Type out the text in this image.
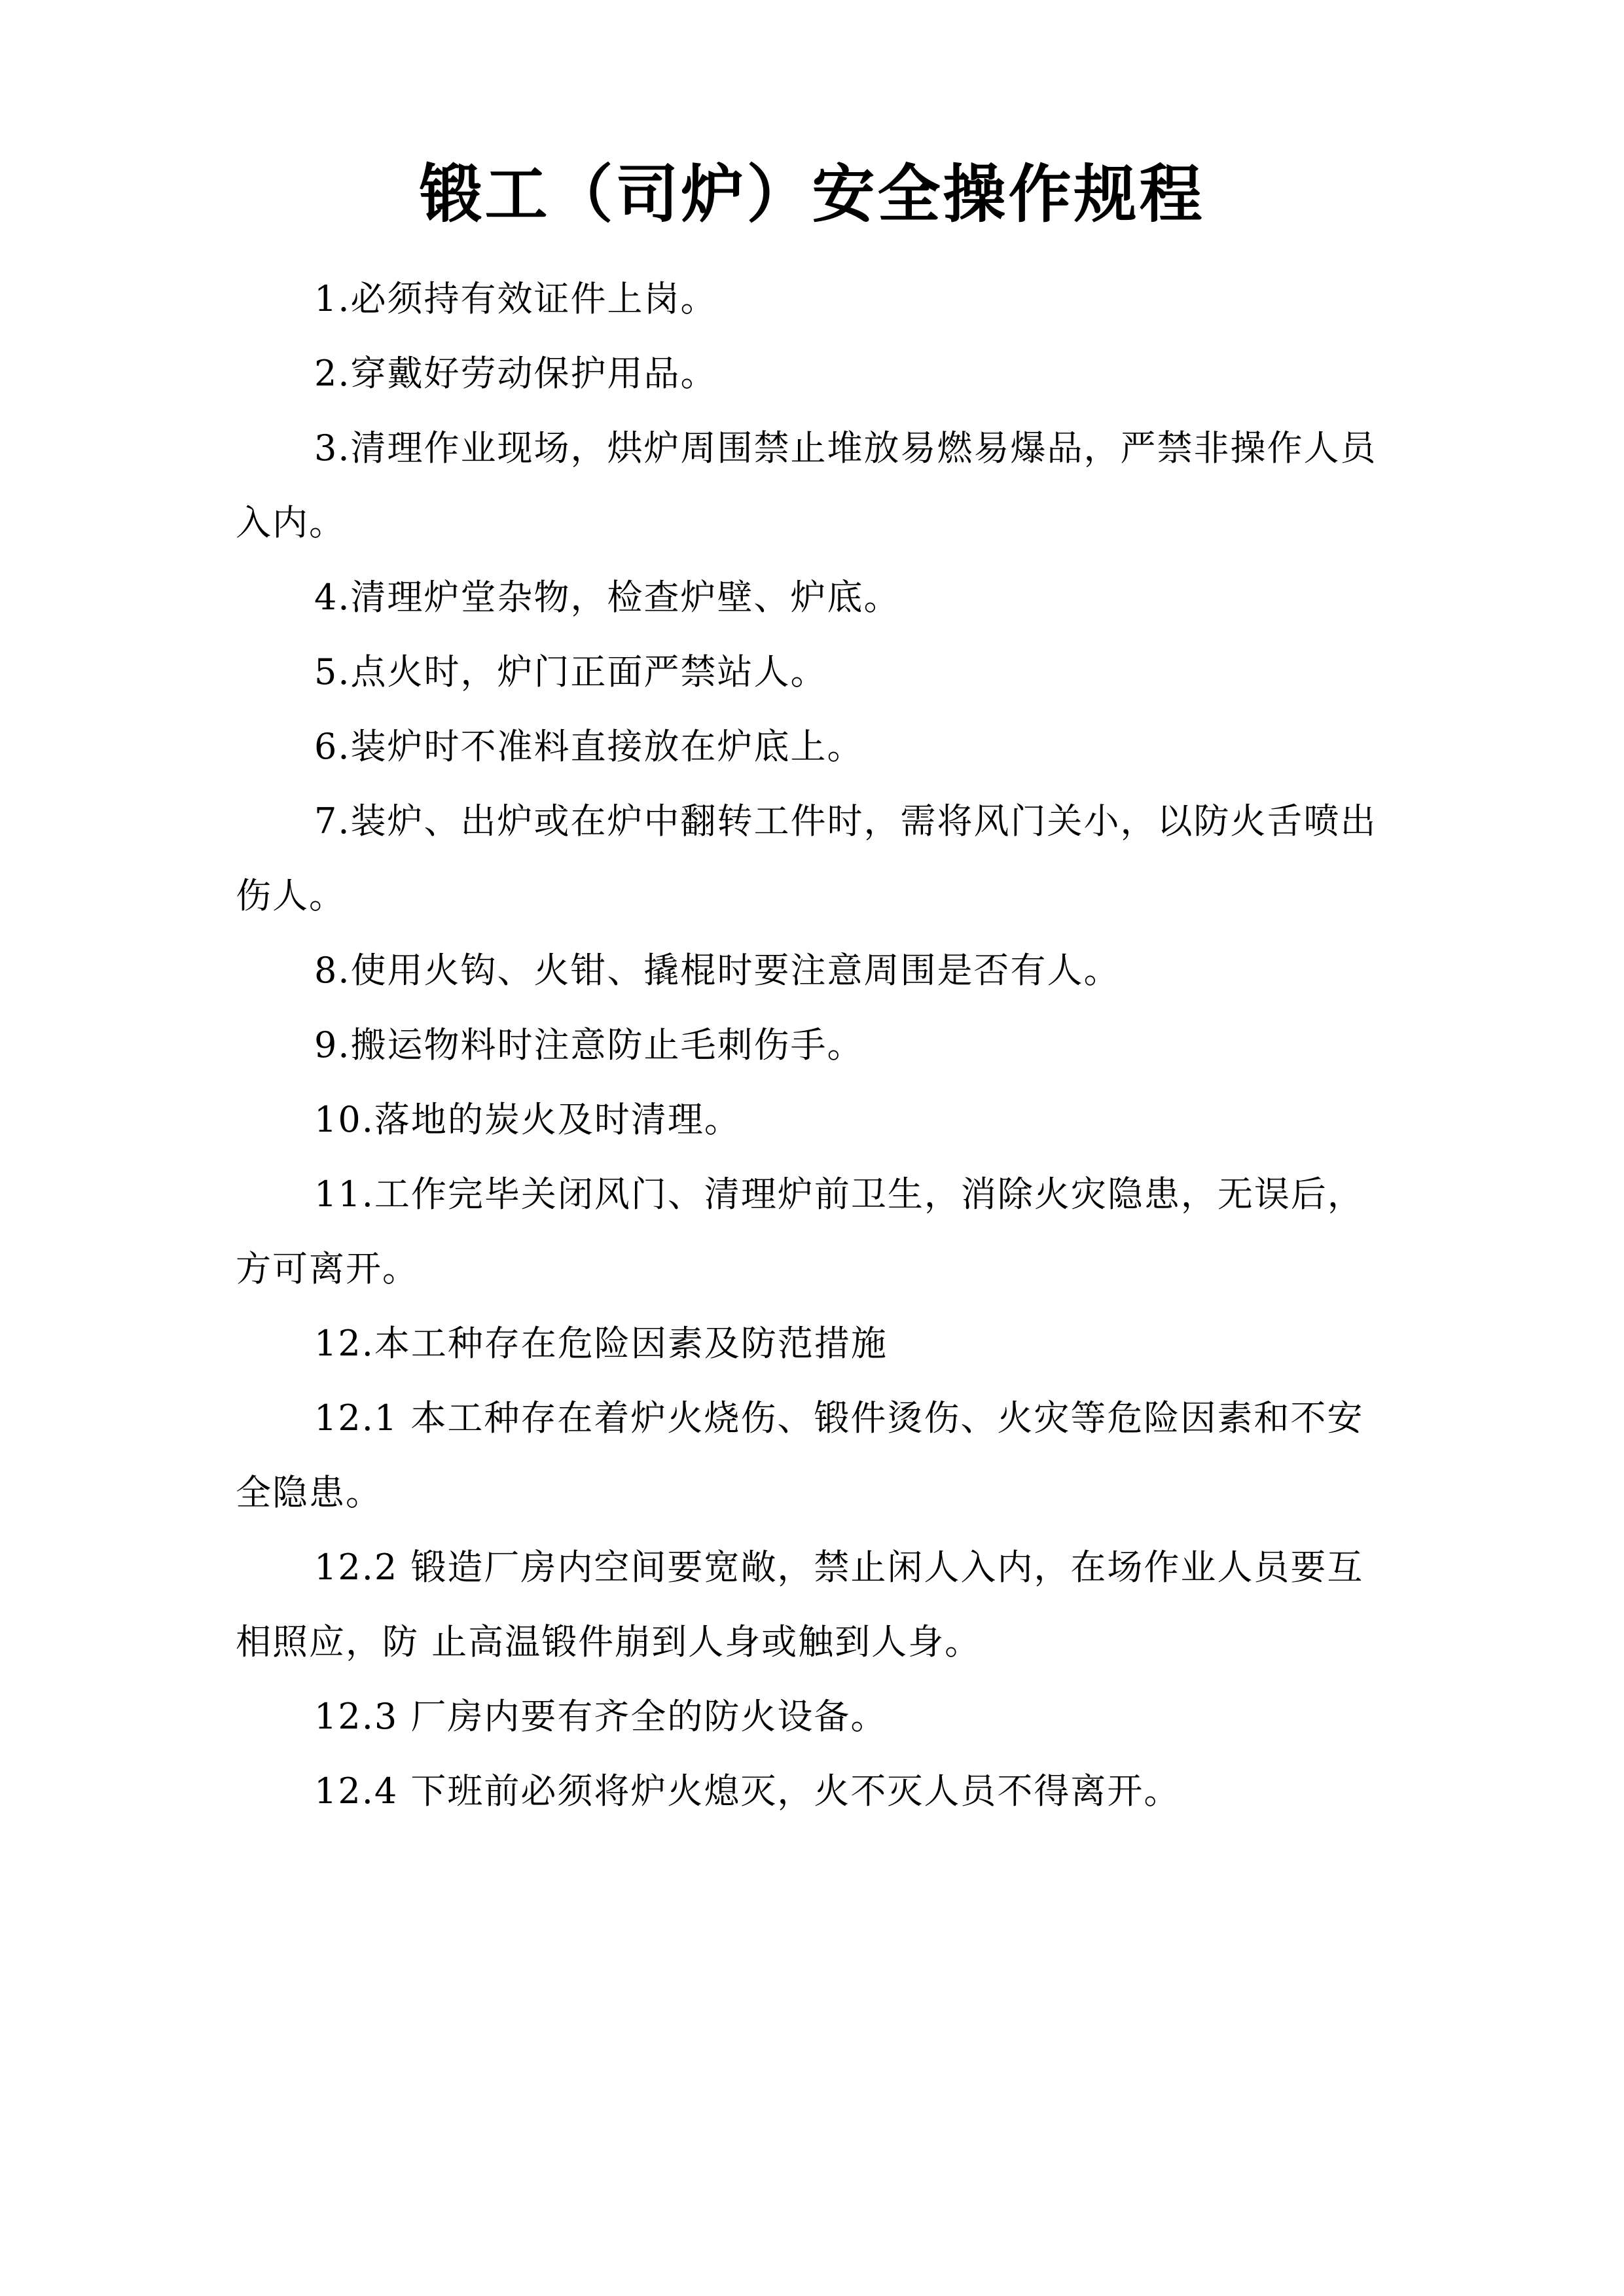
锻工（司炉）安全操作规程

1.必须持有效证件上岗。

2.穿戴好劳动保护用品。

3.清理作业现场，烘炉周围禁止堆放易燃易爆品，严禁非操作人员入内。

4.清理炉堂杂物，检查炉壁、炉底。

5.点火时，炉门正面严禁站人。

6.装炉时不准料直接放在炉底上。

7.装炉、出炉或在炉中翻转工件时，需将风门关小，以防火舌喷出伤人。

8.使用火钩、火钳、撬棍时要注意周围是否有人。

9.搬运物料时注意防止毛刺伤手。

10.落地的炭火及时清理。

11.工作完毕关闭风门、清理炉前卫生，消除火灾隐患，无误后，方可离开。

12.本工种存在危险因素及防范措施

12.1 本工种存在着炉火烧伤、锻件烫伤、火灾等危险因素和不安全隐患。

12.2 锻造厂房内空间要宽敞，禁止闲人入内，在场作业人员要互相照应，防 止高温锻件崩到人身或触到人身。

12.3 厂房内要有齐全的防火设备。

12.4 下班前必须将炉火熄灭，火不灭人员不得离开。
